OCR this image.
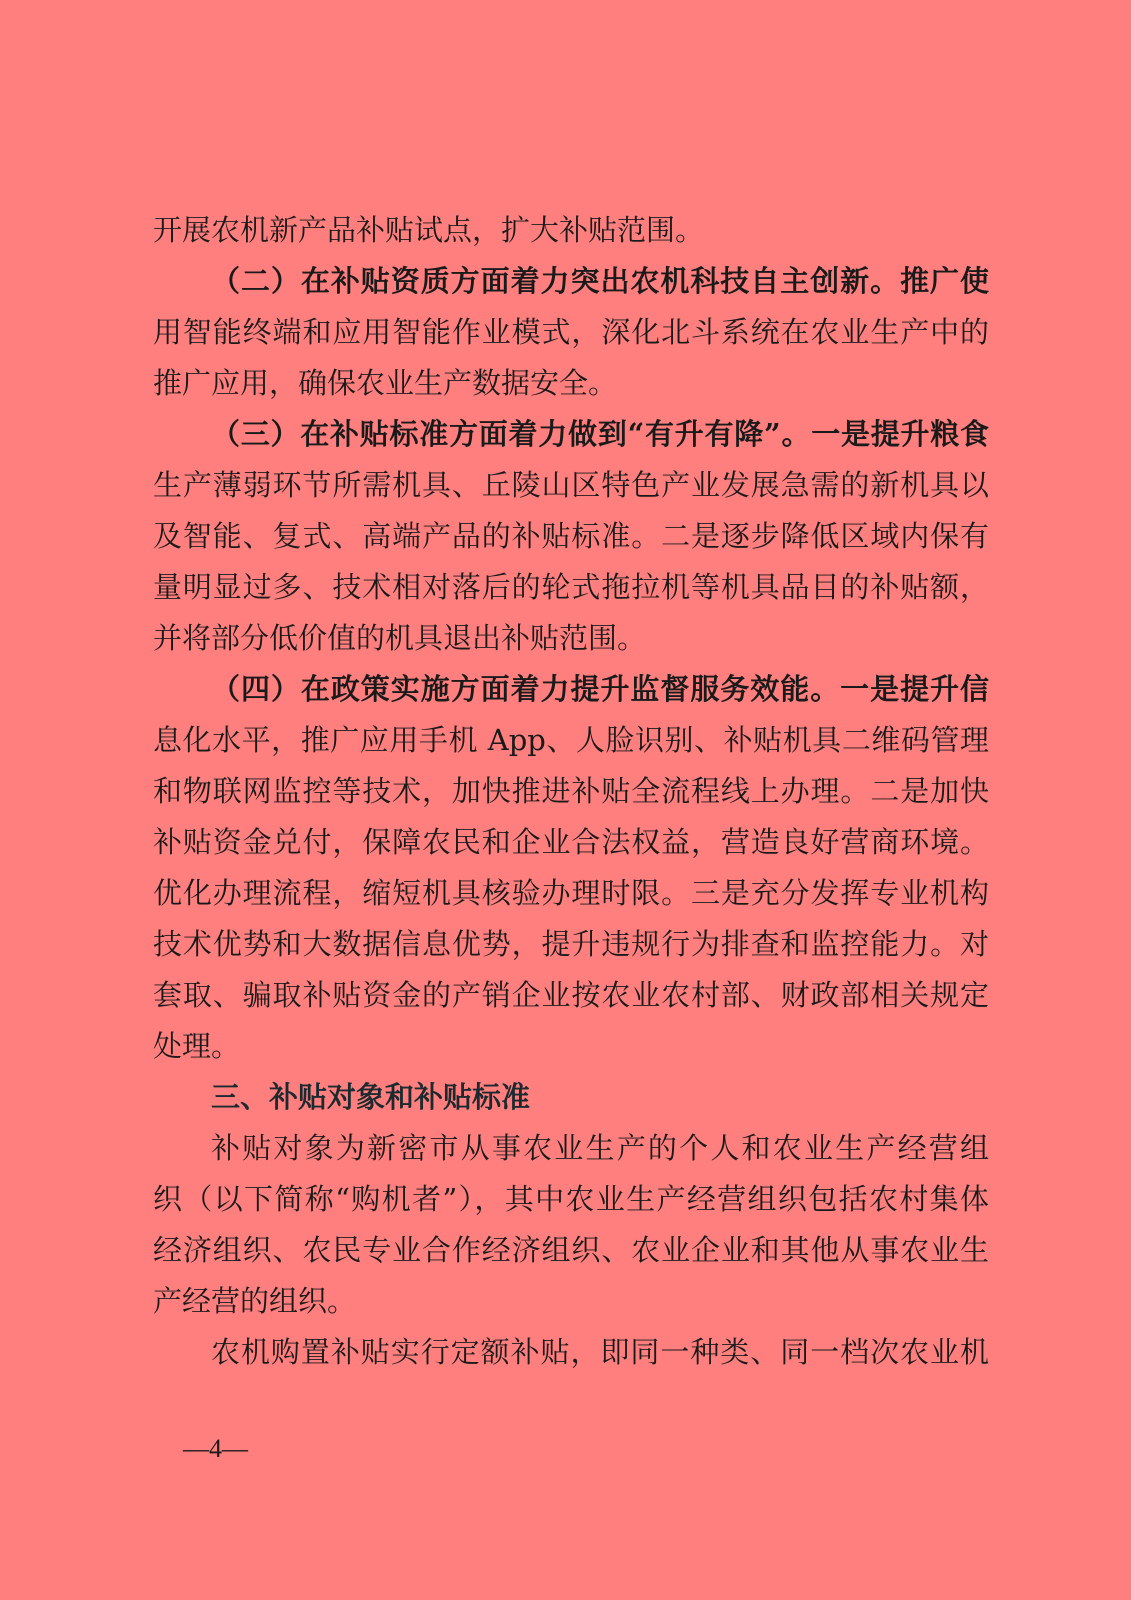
开展农机新产品补贴试点，扩大补贴范围。
（二）在补贴资质方面着力突出农机科技自主创新。推广使
用智能终端和应用智能作业模式，深化北斗系统在农业生产中的
推广应用，确保农业生产数据安全。
（三）在补贴标准方面着力做到“有升有降”。一是提升粮食
生产薄弱环节所需机具、丘陵山区特色产业发展急需的新机具以
及智能、复式、高端产品的补贴标准。二是逐步降低区域内保有
量明显过多、技术相对落后的轮式拖拉机等机具品目的补贴额，
并将部分低价值的机具退出补贴范围。
（四）在政策实施方面着力提升监督服务效能。一是提升信
息化水平，推广应用手机 App、人脸识别、补贴机具二维码管理
和物联网监控等技术，加快推进补贴全流程线上办理。二是加快
补贴资金兑付，保障农民和企业合法权益，营造良好营商环境。
优化办理流程，缩短机具核验办理时限。三是充分发挥专业机构
技术优势和大数据信息优势，提升违规行为排查和监控能力。对
套取、骗取补贴资金的产销企业按农业农村部、财政部相关规定
处理。
三、补贴对象和补贴标准
补贴对象为新密市从事农业生产的个人和农业生产经营组
织（以下简称“购机者”），其中农业生产经营组织包括农村集体
经济组织、农民专业合作经济组织、农业企业和其他从事农业生
产经营的组织。
农机购置补贴实行定额补贴，即同一种类、同一档次农业机
—4—
